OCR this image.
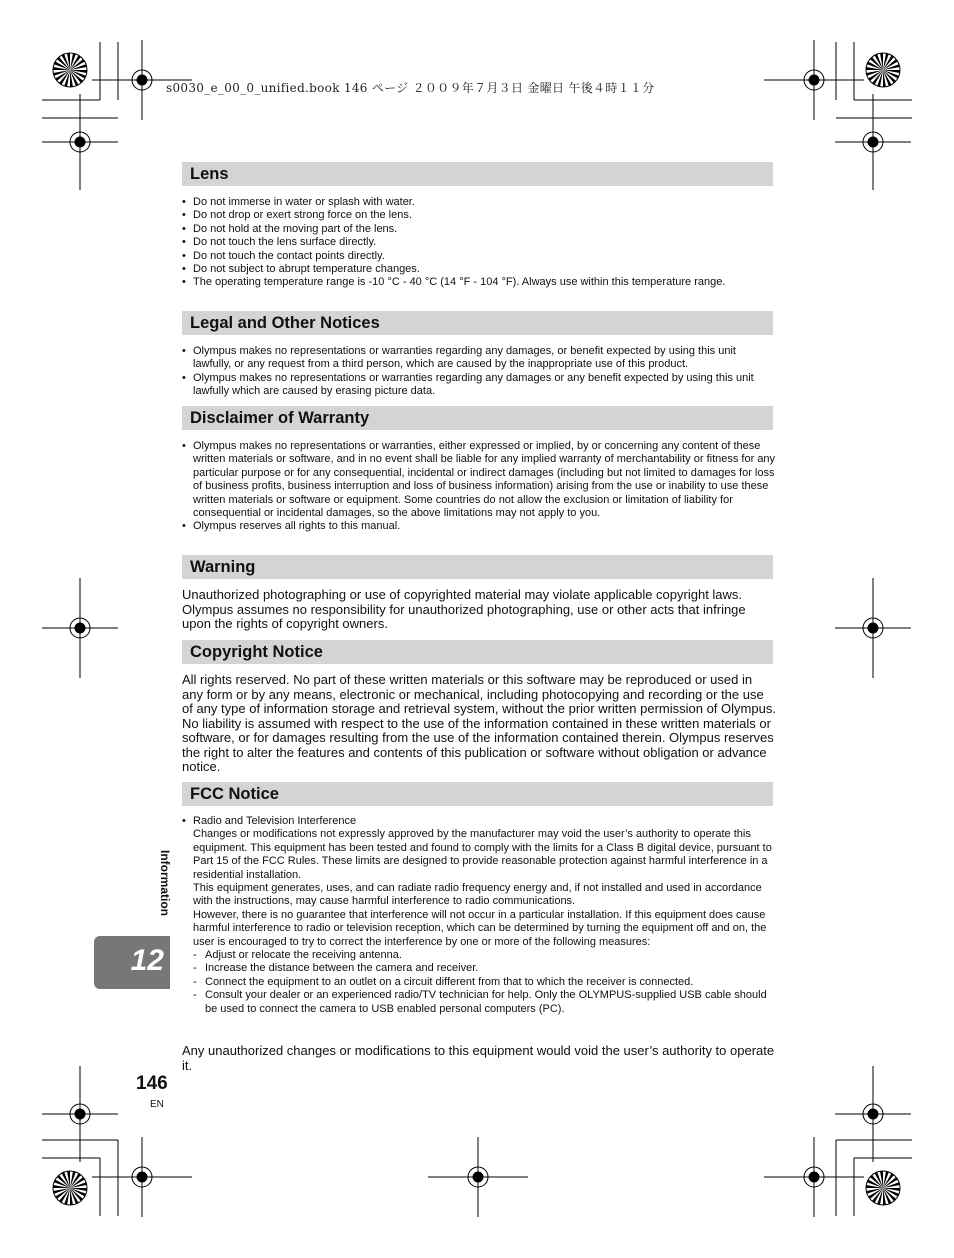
s0030_e_00_0_unified.book 146 ページ ２００９年７月３日 金曜日 午後４時１１分
Lens
• Do not immerse in water or splash with water.
• Do not drop or exert strong force on the lens.
• Do not hold at the moving part of the lens.
• Do not touch the lens surface directly.
• Do not touch the contact points directly.
• Do not subject to abrupt temperature changes.
• The operating temperature range is -10 °C - 40 °C (14 °F - 104 °F). Always use within this temperature range.
Legal and Other Notices
• Olympus makes no representations or warranties regarding any damages, or benefit expected by using this unit lawfully, or any request from a third person, which are caused by the inappropriate use of this product.
• Olympus makes no representations or warranties regarding any damages or any benefit expected by using this unit lawfully which are caused by erasing picture data.
Disclaimer of Warranty
• Olympus makes no representations or warranties, either expressed or implied, by or concerning any content of these written materials or software, and in no event shall be liable for any implied warranty of merchantability or fitness for any particular purpose or for any consequential, incidental or indirect damages (including but not limited to damages for loss of business profits, business interruption and loss of business information) arising from the use or inability to use these written materials or software or equipment. Some countries do not allow the exclusion or limitation of liability for consequential or incidental damages, so the above limitations may not apply to you.
• Olympus reserves all rights to this manual.
Warning

Unauthorized photographing or use of copyrighted material may violate applicable copyright laws. Olympus assumes no responsibility for unauthorized photographing, use or other acts that infringe upon the rights of copyright owners.

Copyright Notice

All rights reserved. No part of these written materials or this software may be reproduced or used in any form or by any means, electronic or mechanical, including photocopying and recording or the use of any type of information storage and retrieval system, without the prior written permission of Olympus. No liability is assumed with respect to the use of the information contained in these written materials or software, or for damages resulting from the use of the information contained therein. Olympus reserves the right to alter the features and contents of this publication or software without obligation or advance notice.

FCC Notice
• Radio and Television Interference
Changes or modifications not expressly approved by the manufacturer may void the user’s authority to operate this equipment. This equipment has been tested and found to comply with the limits for a Class B digital device, pursuant to Part 15 of the FCC Rules. These limits are designed to provide reasonable protection against harmful interference in a residential installation.
This equipment generates, uses, and can radiate radio frequency energy and, if not installed and used in accordance with the instructions, may cause harmful interference to radio communications.
However, there is no guarantee that interference will not occur in a particular installation. If this equipment does cause harmful interference to radio or television reception, which can be determined by turning the equipment off and on, the user is encouraged to try to correct the interference by one or more of the following measures:
- Adjust or relocate the receiving antenna.
- Increase the distance between the camera and receiver.
- Connect the equipment to an outlet on a circuit different from that to which the receiver is connected.
- Consult your dealer or an experienced radio/TV technician for help. Only the OLYMPUS-supplied USB cable should be used to connect the camera to USB enabled personal computers (PC).

Any unauthorized changes or modifications to this equipment would void the user’s authority to operate it.

Information
12
146
EN
